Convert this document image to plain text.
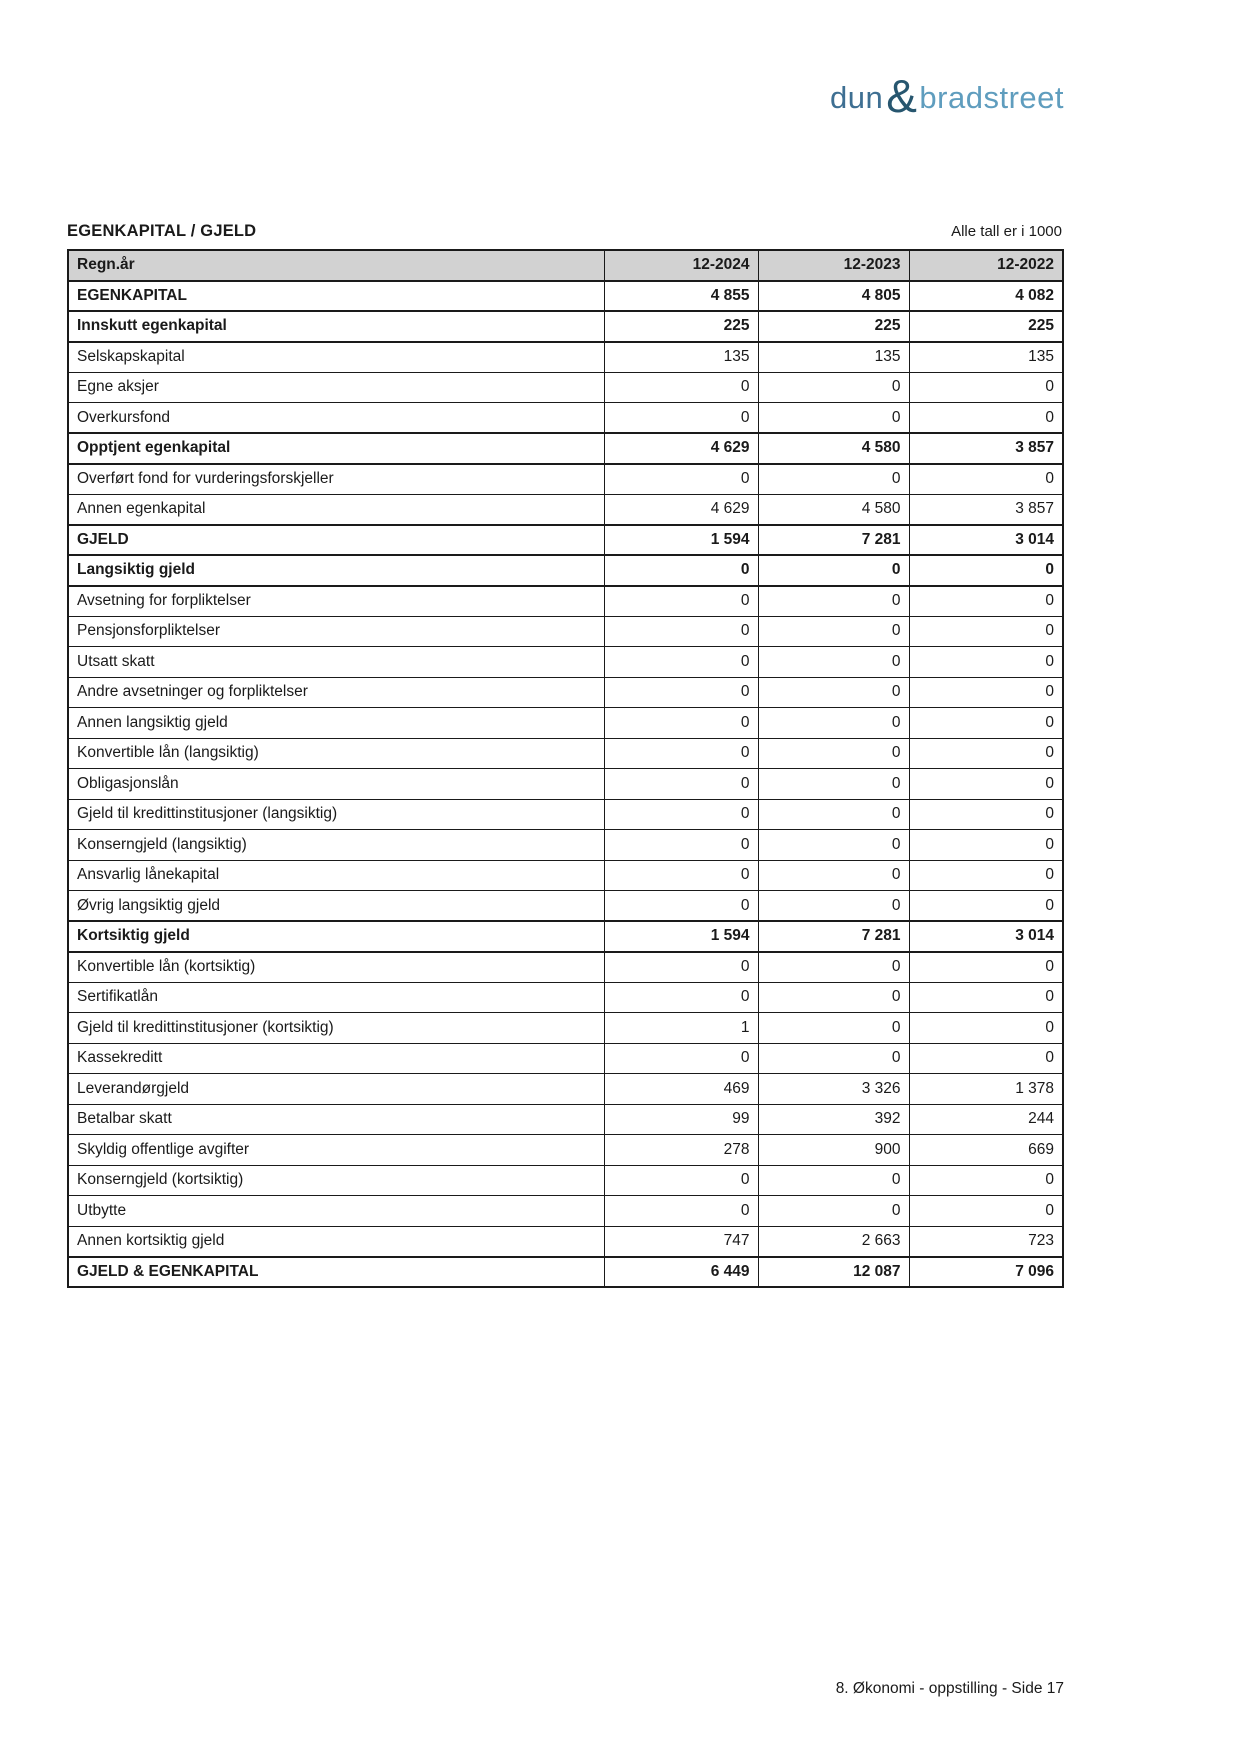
dun & bradstreet
EGENKAPITAL / GJELD	Alle tall er i 1000
Regn.år	12-2024	12-2023	12-2022
EGENKAPITAL	4 855	4 805	4 082
Innskutt egenkapital	225	225	225
Selskapskapital	135	135	135
Egne aksjer	0	0	0
Overkursfond	0	0	0
Opptjent egenkapital	4 629	4 580	3 857
Overført fond for vurderingsforskjeller	0	0	0
Annen egenkapital	4 629	4 580	3 857
GJELD	1 594	7 281	3 014
Langsiktig gjeld	0	0	0
Avsetning for forpliktelser	0	0	0
Pensjonsforpliktelser	0	0	0
Utsatt skatt	0	0	0
Andre avsetninger og forpliktelser	0	0	0
Annen langsiktig gjeld	0	0	0
Konvertible lån (langsiktig)	0	0	0
Obligasjonslån	0	0	0
Gjeld til kredittinstitusjoner (langsiktig)	0	0	0
Konserngjeld (langsiktig)	0	0	0
Ansvarlig lånekapital	0	0	0
Øvrig langsiktig gjeld	0	0	0
Kortsiktig gjeld	1 594	7 281	3 014
Konvertible lån (kortsiktig)	0	0	0
Sertifikatlån	0	0	0
Gjeld til kredittinstitusjoner (kortsiktig)	1	0	0
Kassekreditt	0	0	0
Leverandørgjeld	469	3 326	1 378
Betalbar skatt	99	392	244
Skyldig offentlige avgifter	278	900	669
Konserngjeld (kortsiktig)	0	0	0
Utbytte	0	0	0
Annen kortsiktig gjeld	747	2 663	723
GJELD & EGENKAPITAL	6 449	12 087	7 096
8. Økonomi - oppstilling - Side 17
